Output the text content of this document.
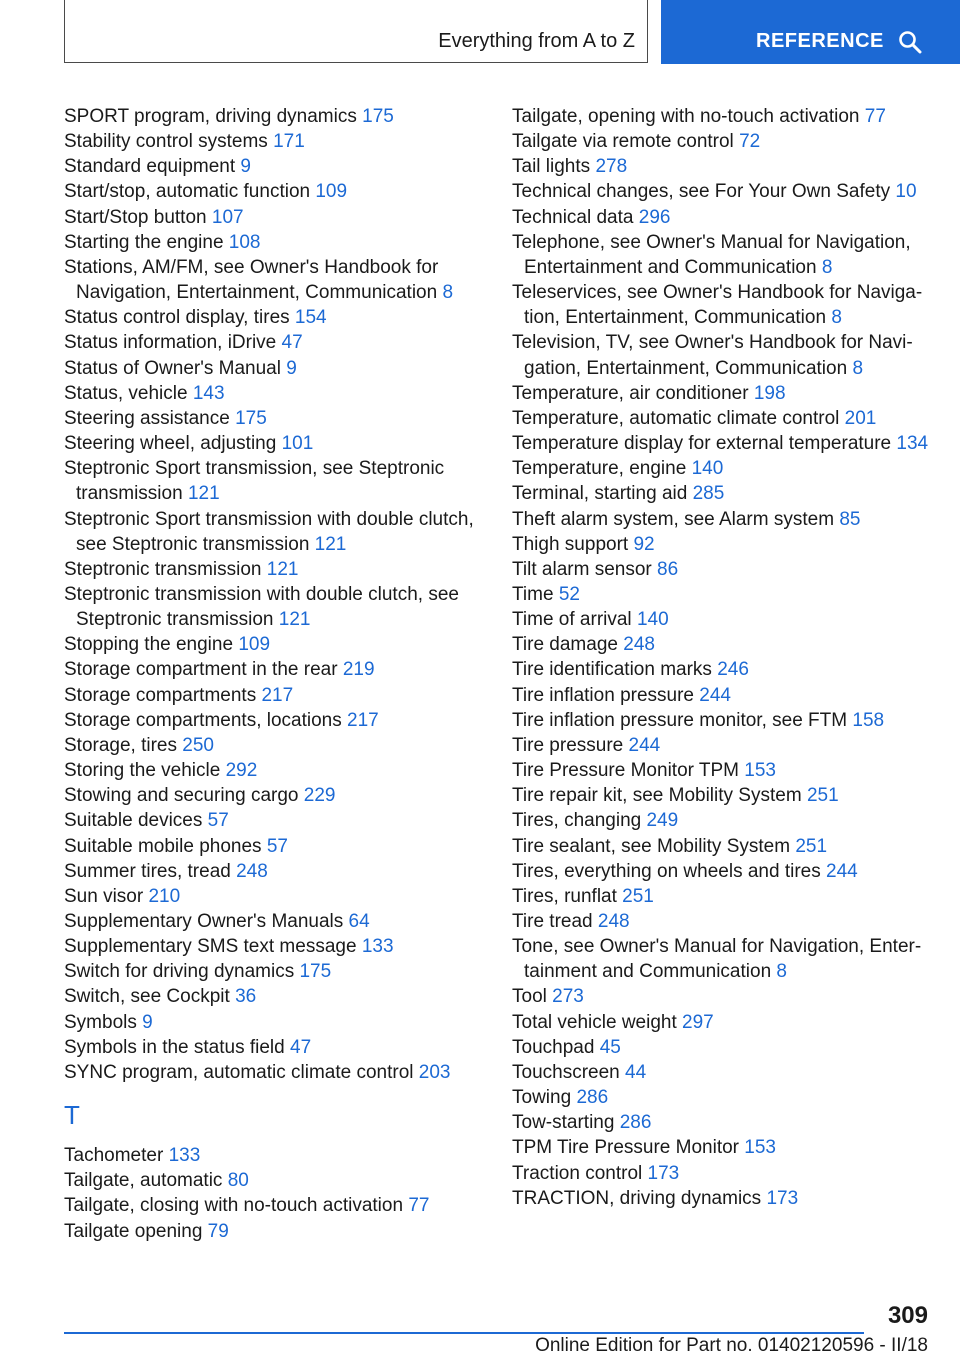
Everything from A to Z	REFERENCE
SPORT program, driving dynamics 175
Stability control systems 171
Standard equipment 9
Start/stop, automatic function 109
Start/Stop button 107
Starting the engine 108
Stations, AM/FM, see Owner's Handbook for Navigation, Entertainment, Communication 8
Status control display, tires 154
Status information, iDrive 47
Status of Owner's Manual 9
Status, vehicle 143
Steering assistance 175
Steering wheel, adjusting 101
Steptronic Sport transmission, see Steptronic transmission 121
Steptronic Sport transmission with double clutch, see Steptronic transmission 121
Steptronic transmission 121
Steptronic transmission with double clutch, see Steptronic transmission 121
Stopping the engine 109
Storage compartment in the rear 219
Storage compartments 217
Storage compartments, locations 217
Storage, tires 250
Storing the vehicle 292
Stowing and securing cargo 229
Suitable devices 57
Suitable mobile phones 57
Summer tires, tread 248
Sun visor 210
Supplementary Owner's Manuals 64
Supplementary SMS text message 133
Switch for driving dynamics 175
Switch, see Cockpit 36
Symbols 9
Symbols in the status field 47
SYNC program, automatic climate control 203
T
Tachometer 133
Tailgate, automatic 80
Tailgate, closing with no-touch activation 77
Tailgate opening 79
Tailgate, opening with no-touch activation 77
Tailgate via remote control 72
Tail lights 278
Technical changes, see For Your Own Safety 10
Technical data 296
Telephone, see Owner's Manual for Navigation, Entertainment and Communication 8
Teleservices, see Owner's Handbook for Navigation, Entertainment, Communication 8
Television, TV, see Owner's Handbook for Navigation, Entertainment, Communication 8
Temperature, air conditioner 198
Temperature, automatic climate control 201
Temperature display for external temperature 134
Temperature, engine 140
Terminal, starting aid 285
Theft alarm system, see Alarm system 85
Thigh support 92
Tilt alarm sensor 86
Time 52
Time of arrival 140
Tire damage 248
Tire identification marks 246
Tire inflation pressure 244
Tire inflation pressure monitor, see FTM 158
Tire pressure 244
Tire Pressure Monitor TPM 153
Tire repair kit, see Mobility System 251
Tires, changing 249
Tire sealant, see Mobility System 251
Tires, everything on wheels and tires 244
Tires, runflat 251
Tire tread 248
Tone, see Owner's Manual for Navigation, Entertainment and Communication 8
Tool 273
Total vehicle weight 297
Touchpad 45
Touchscreen 44
Towing 286
Tow-starting 286
TPM Tire Pressure Monitor 153
Traction control 173
TRACTION, driving dynamics 173
309
Online Edition for Part no. 01402120596 - II/18
